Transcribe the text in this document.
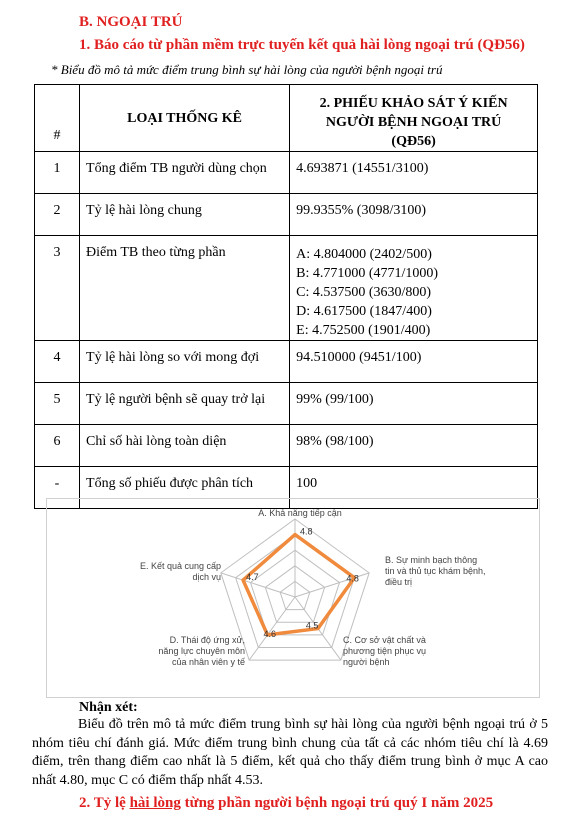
B. NGOẠI TRÚ
1. Báo cáo từ phần mềm trực tuyến kết quả hài lòng ngoại trú (QĐ56)
* Biểu đồ mô tả mức điểm trung bình sự hài lòng của người bệnh ngoại trú
#	LOẠI THỐNG KÊ	2. PHIẾU KHẢO SÁT Ý KIẾN NGƯỜI BỆNH NGOẠI TRÚ (QĐ56)
1	Tổng điểm TB người dùng chọn	4.693871 (14551/3100)
2	Tỷ lệ hài lòng chung	99.9355% (3098/3100)
3	Điểm TB theo từng phần	A: 4.804000 (2402/500)
B: 4.771000 (4771/1000)
C: 4.537500 (3630/800)
D: 4.617500 (1847/400)
E: 4.752500 (1901/400)

4	Tỷ lệ hài lòng so với mong đợi	94.510000 (9451/100)
5	Tỷ lệ người bệnh sẽ quay trở lại	99% (99/100)
6	Chỉ số hài lòng toàn diện	98% (98/100)
-	Tổng số phiếu được phân tích	100
4.8
4.8
4.5
4.6
4.7
A. Khả năng tiếp cận
B. Sự minh bạch thông tin và thủ tục khám bệnh, điều trị
C. Cơ sở vật chất và phương tiện phục vụ người bệnh
D. Thái độ ứng xử, năng lực chuyên môn của nhân viên y tế
E. Kết quả cung cấp dịch vụ
Nhận xét:
Biểu đồ trên mô tả mức điểm trung bình sự hài lòng của người bệnh ngoại trú ở 5 nhóm tiêu chí đánh giá. Mức điểm trung bình chung của tất cả các nhóm tiêu chí là 4.69 điểm, trên thang điểm cao nhất là 5 điểm, kết quả cho thấy điểm trung bình ở mục A cao nhất 4.80, mục C có điểm thấp nhất 4.53.
2. Tỷ lệ hài lòng từng phần người bệnh ngoại trú quý I năm 2025
